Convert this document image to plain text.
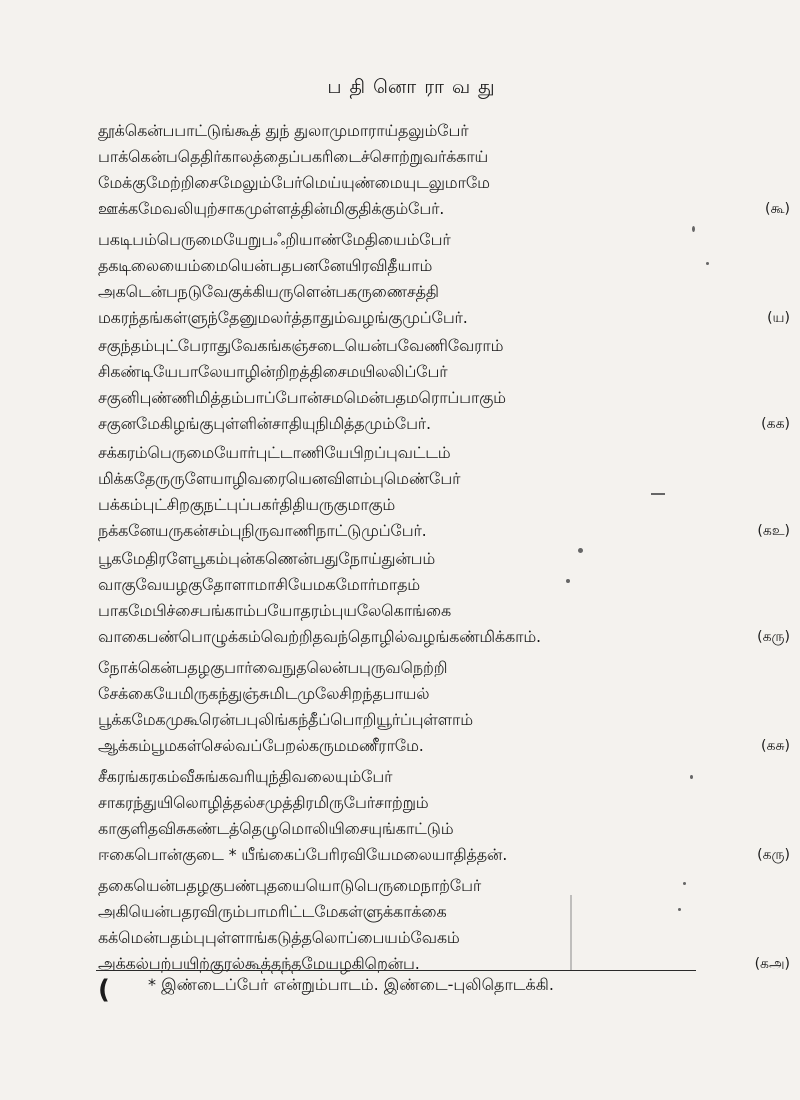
பதினொராவது
தூக்கென்பபாட்டுங்கூத் துந் துலாமுமாராய்தலும்பேர்
பாக்கென்பதெதிர்காலத்தைப்பகரிடைச்சொற்றுவர்க்காய்
மேக்குமேற்றிசைமேலும்பேர்மெய்யுண்மையுடலுமாமே
ஊக்கமேவலியுற்சாகமுள்ளத்தின்மிகுதிக்கும்பேர்.	(கூ)
பகடிபம்பெருமையேறுபஃறியாண்மேதியைம்பேர்
தகடிலையைம்மையென்பதபனனேயிரவிதீயாம்
அகடென்பநடுவேகுக்கியருளென்பகருணைசத்தி
மகரந்தங்கள்ளுந்தேனுமலர்த்தாதும்வழங்குமுப்பேர்.	(ய)
சகுந்தம்புட்பேராதுவேகங்கஞ்சடையென்பவேணிவேராம்
சிகண்டியேபாலேயாழின்றிறத்திசைமயிலலிப்பேர்
சகுனிபுண்ணிமித்தம்பாப்போன்சமமென்பதமரொப்பாகும்
சகுனமேகிழங்குபுள்ளின்சாதியுநிமித்தமும்பேர்.	(கக)
சக்கரம்பெருமையோர்புட்டாணியேபிறப்புவட்டம்
மிக்கதேருருளேயாழிவரையெனவிளம்புமெண்பேர்
பக்கம்புட்சிறகுநட்புப்பகர்திதியருகுமாகும்
நக்கனேயருகன்சம்புநிருவாணிநாட்டுமுப்பேர்.	(கஉ)
பூகமேதிரளேபூகம்புன்கணென்பதுநோய்துன்பம்
வாகுவேயழகுதோளாமாசியேமகமோர்மாதம்
பாகமேபிச்சைபங்காம்பயோதரம்புயலேகொங்கை
வாகைபண்பொழுக்கம்வெற்றிதவந்தொழில்வழங்கண்மிக்காம்.	(கரு)
நோக்கென்பதழகுபார்வைநுதலென்பபுருவநெற்றி
சேக்கையேமிருகந்துஞ்சுமிடமுலேசிறந்தபாயல்
பூக்கமேகமுகூரென்பபுலிங்கந்தீப்பொறியூர்ப்புள்ளாம்
ஆக்கம்பூமகள்செல்வப்பேறல்கருமமணீராமே.	(கசு)
சீகரங்கரகம்வீசுங்கவரியுந்திவலையும்பேர்
சாகரந்துயிலொழித்தல்சமுத்திரமிருபேர்சாற்றும்
காகுளிதவிசுகண்டத்தெழுமொலியிசையுங்காட்டும்
ஈகைபொன்குடை * யீங்கைப்பேரிரவியேமலையாதித்தன்.	(கரு)
தகையென்பதழகுபண்புதயையொடுபெருமைநாற்பேர்
அகியென்பதரவிரும்பாமரிட்டமேகள்ளுக்காக்கை
கக்மென்பதம்புபுள்ளாங்கடுத்தலொப்பையம்வேகம்
அக்கல்பற்பயிற்குரல்கூத்தந்தமேயழகிறென்ப.	(கஅ)
( * இண்டைப்பேர் என்றும்பாடம். இண்டை-புலிதொடக்கி.
